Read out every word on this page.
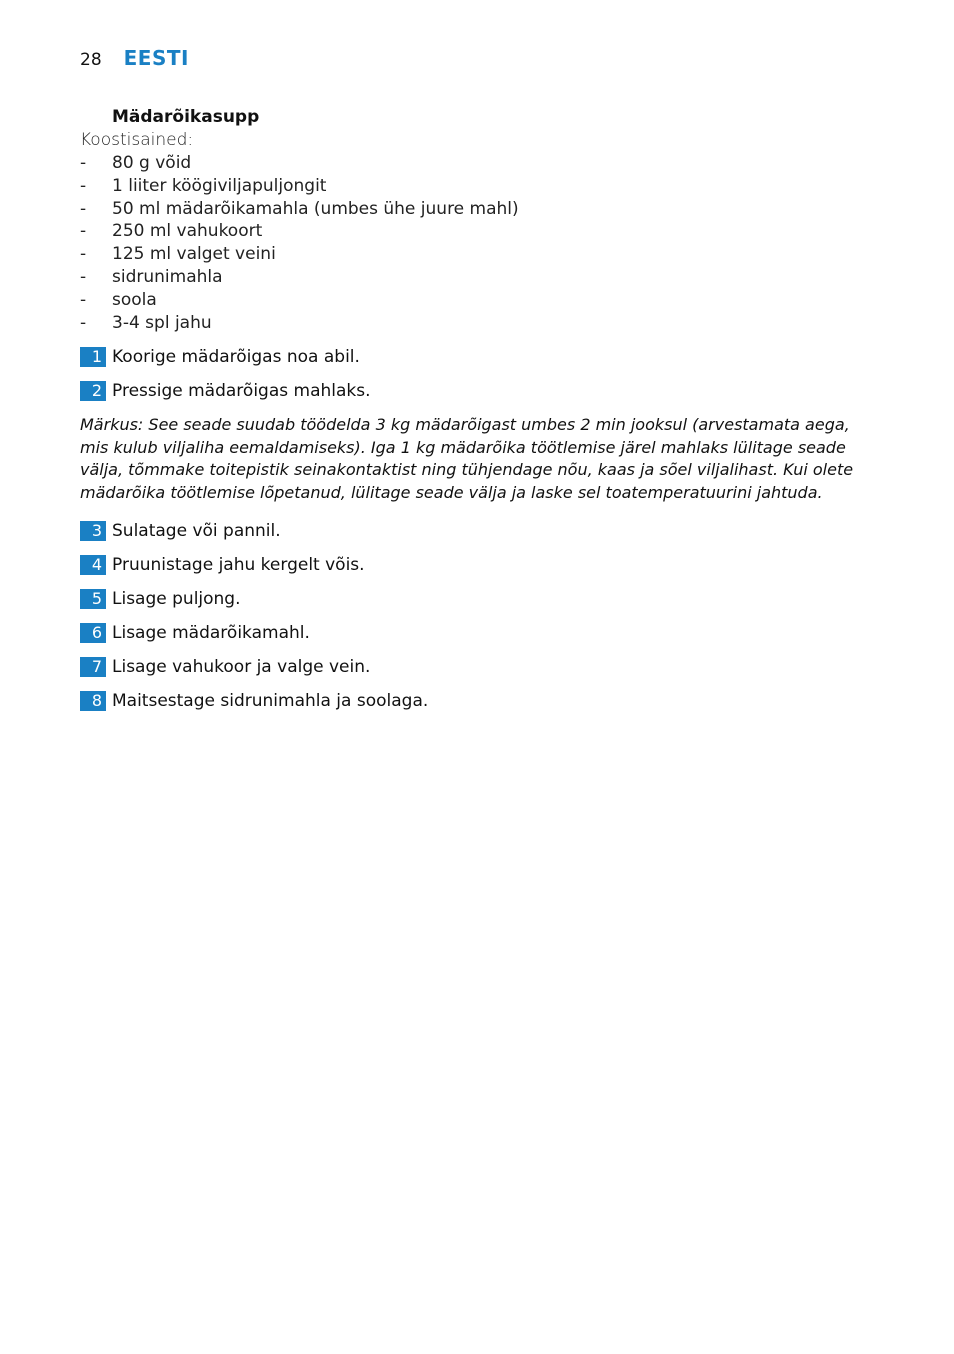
28 EESTI
Mädarõikasupp
Koostisained:
-	80 g võid
-	1 liiter köögiviljapuljongit
-	50 ml mädarõikamahla (umbes ühe juure mahl)
-	250 ml vahukoort
-	125 ml valget veini
-	sidrunimahla
-	soola
-	3-4 spl jahu
1 Koorige mädarõigas noa abil.
2 Pressige mädarõigas mahlaks.

Märkus: See seade suudab töödelda 3 kg mädarõigast umbes 2 min jooksul (arvestamata aega, mis kulub viljaliha eemaldamiseks). Iga 1 kg mädarõika töötlemise järel mahlaks lülitage seade välja, tõmmake toitepistik seinakontaktist ning tühjendage nõu, kaas ja sõel viljalihast. Kui olete mädarõika töötlemise lõpetanud, lülitage seade välja ja laske sel toatemperatuurini jahtuda.

3 Sulatage või pannil.
4 Pruunistage jahu kergelt võis.
5 Lisage puljong.
6 Lisage mädarõikamahl.
7 Lisage vahukoor ja valge vein.
8 Maitsestage sidrunimahla ja soolaga.
